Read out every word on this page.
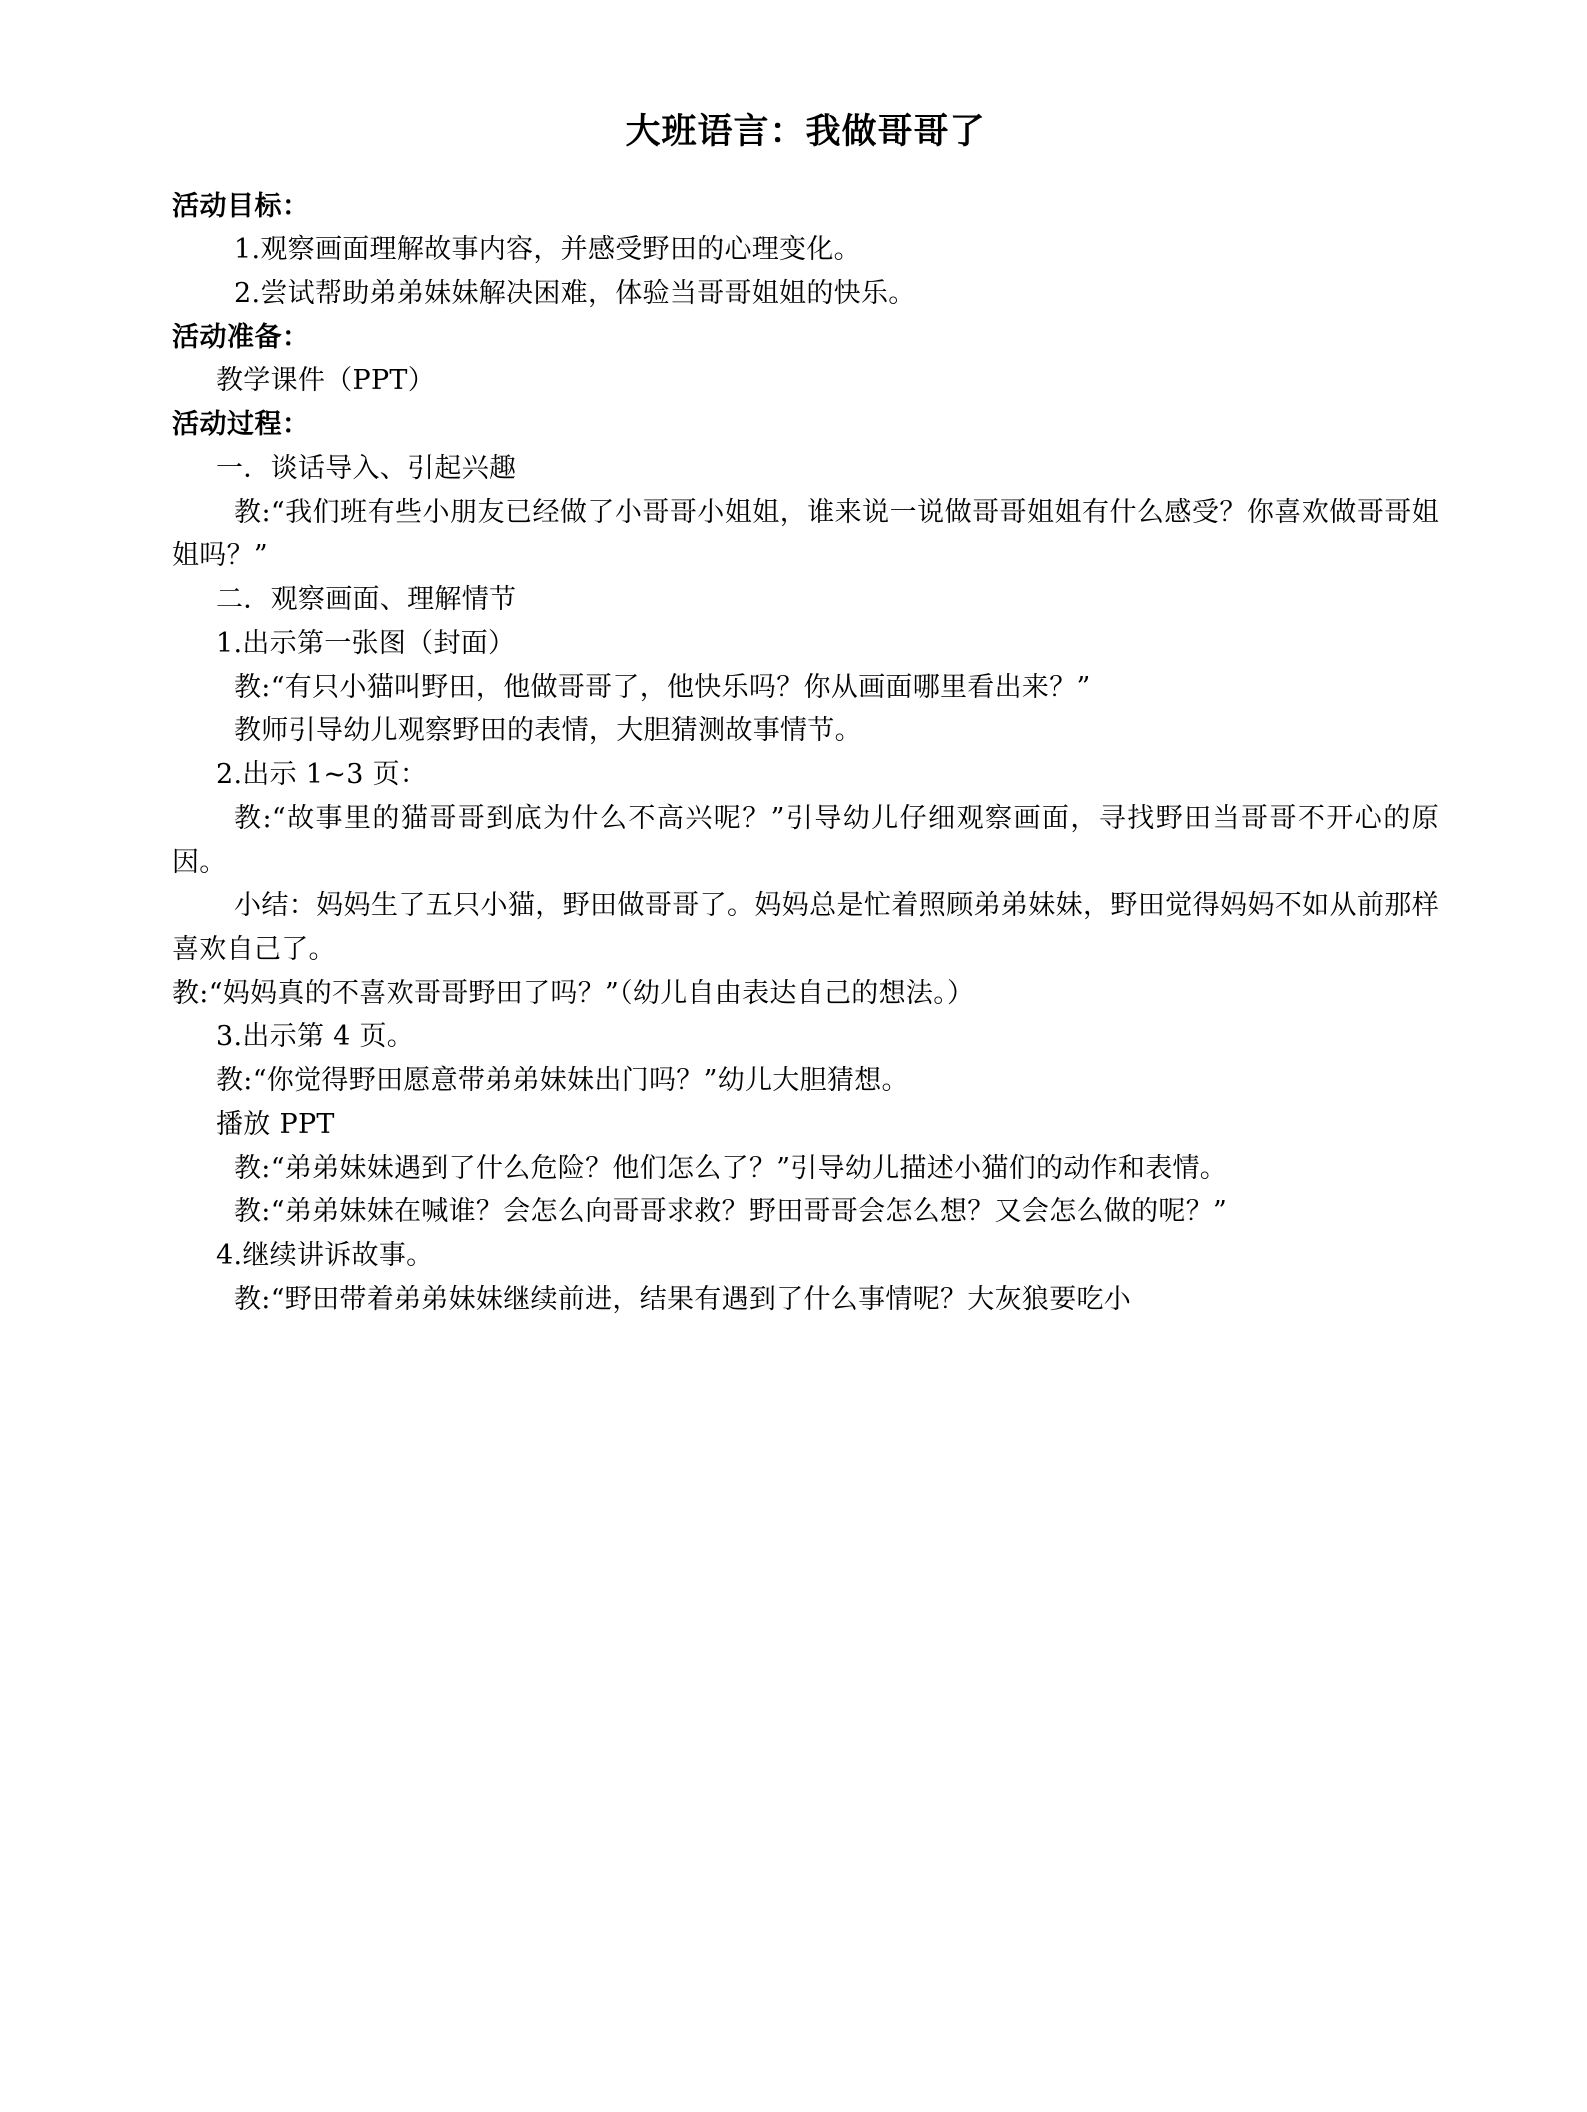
大班语言：我做哥哥了

活动目标：

1.观察画面理解故事内容，并感受野田的心理变化。

2.尝试帮助弟弟妹妹解决困难，体验当哥哥姐姐的快乐。

活动准备：

教学课件（PPT）

活动过程：

一．谈话导入、引起兴趣

教:“我们班有些小朋友已经做了小哥哥小姐姐，谁来说一说做哥哥姐姐有什么感受？你喜欢做哥哥姐姐吗？”

二．观察画面、理解情节

1.出示第一张图（封面）

教:“有只小猫叫野田，他做哥哥了，他快乐吗？你从画面哪里看出来？”

教师引导幼儿观察野田的表情，大胆猜测故事情节。

2.出示 1~3 页：

教:“故事里的猫哥哥到底为什么不高兴呢？”引导幼儿仔细观察画面，寻找野田当哥哥不开心的原因。

小结：妈妈生了五只小猫，野田做哥哥了。妈妈总是忙着照顾弟弟妹妹，野田觉得妈妈不如从前那样喜欢自己了。

教:“妈妈真的不喜欢哥哥野田了吗？”（幼儿自由表达自己的想法。）

3.出示第 4 页。

教:“你觉得野田愿意带弟弟妹妹出门吗？”幼儿大胆猜想。

播放 PPT

教:“弟弟妹妹遇到了什么危险？他们怎么了？”引导幼儿描述小猫们的动作和表情。

教:“弟弟妹妹在喊谁？会怎么向哥哥求救？野田哥哥会怎么想？又会怎么做的呢？”

4.继续讲诉故事。

教:“野田带着弟弟妹妹继续前进，结果有遇到了什么事情呢？大灰狼要吃小
